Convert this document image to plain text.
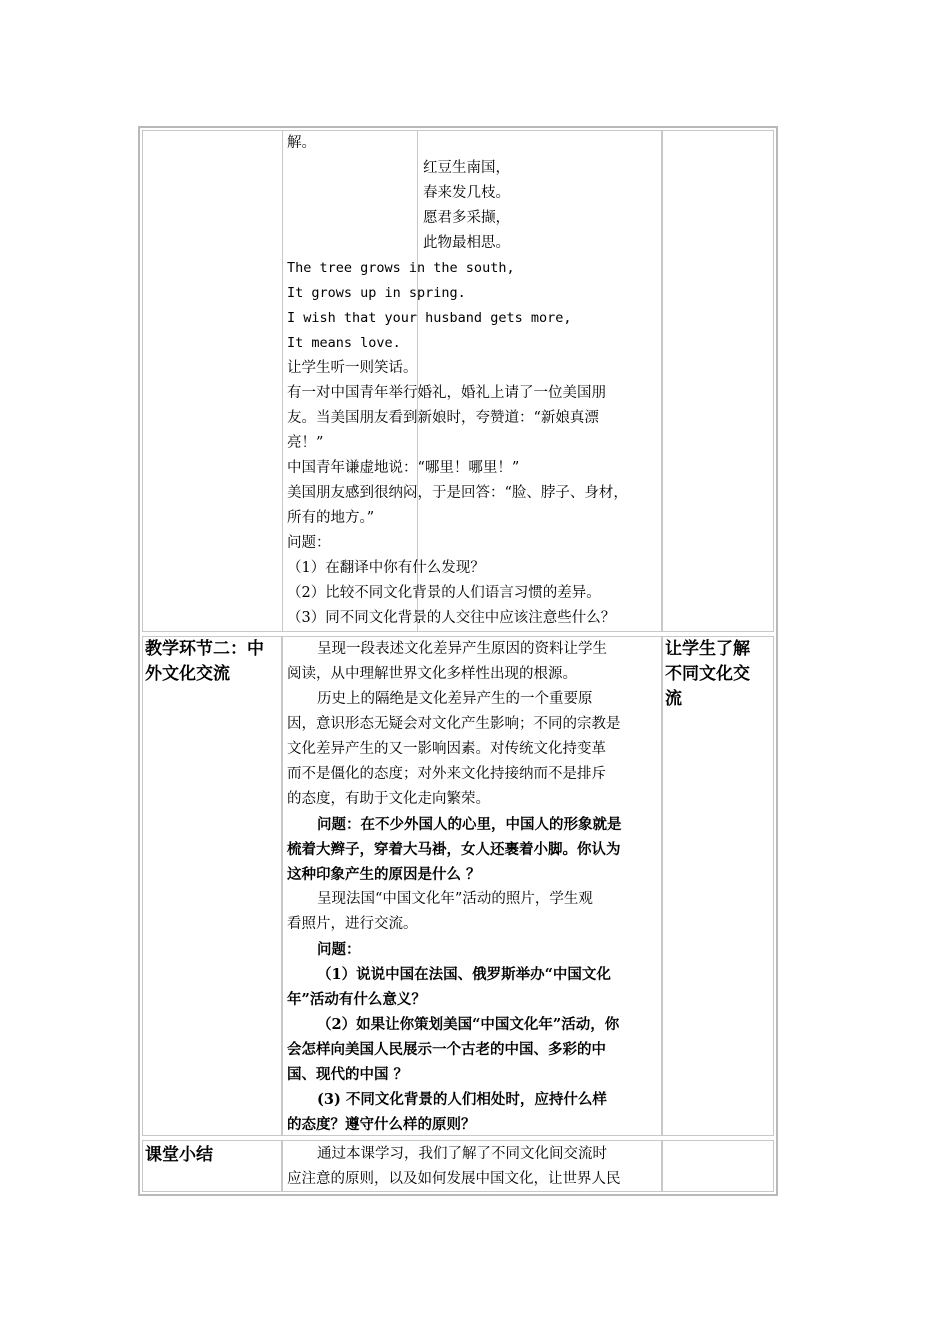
解。
红豆生南国，
春来发几枝。
愿君多采撷，
此物最相思。
The tree grows in the south,
It grows up in spring.
I wish that your husband gets more,
It means love.
让学生听一则笑话。
有一对中国青年举行婚礼，婚礼上请了一位美国朋
友。当美国朋友看到新娘时，夸赞道：“新娘真漂
亮！”
中国青年谦虚地说：“哪里！哪里！”
美国朋友感到很纳闷，于是回答：“脸、脖子、身材，
所有的地方。”
问题：
（1）在翻译中你有什么发现？
（2）比较不同文化背景的人们语言习惯的差异。
（3）同不同文化背景的人交往中应该注意些什么？
教学环节二：中
外文化交流
呈现一段表述文化差异产生原因的资料让学生
阅读，从中理解世界文化多样性出现的根源。
历史上的隔绝是文化差异产生的一个重要原
因，意识形态无疑会对文化产生影响；不同的宗教是
文化差异产生的又一影响因素。对传统文化持变革
而不是僵化的态度；对外来文化持接纳而不是排斥
的态度，有助于文化走向繁荣。
问题：在不少外国人的心里，中国人的形象就是
梳着大辫子，穿着大马褂，女人还裹着小脚。你认为
这种印象产生的原因是什么 ？
呈现法国“中国文化年”活动的照片，学生观
看照片，进行交流。
问题：
（1）说说中国在法国、俄罗斯举办“中国文化
年”活动有什么意义？
（2）如果让你策划美国“中国文化年”活动，你
会怎样向美国人民展示一个古老的中国、多彩的中
国、现代的中国 ？
(3) 不同文化背景的人们相处时，应持什么样
的态度？遵守什么样的原则？
让学生了解
不同文化交
流
课堂小结	通过本课学习，我们了解了不同文化间交流时
应注意的原则，以及如何发展中国文化，让世界人民
